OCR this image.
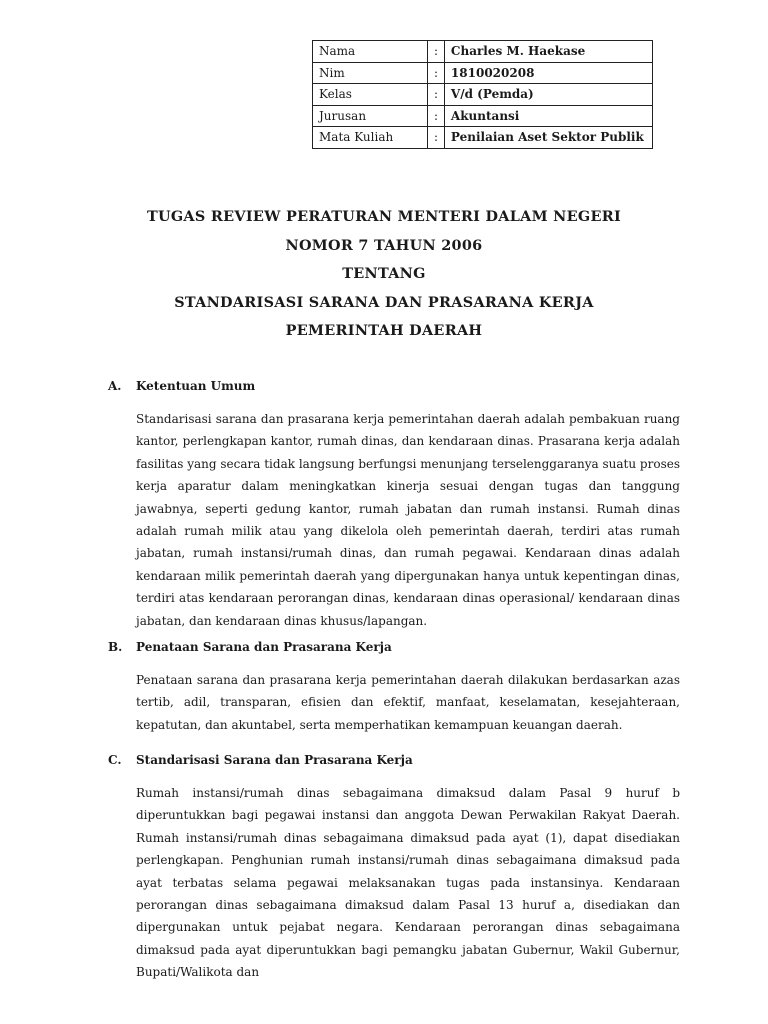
Nama	:	Charles M. Haekase
Nim	:	1810020208
Kelas	:	V/d (Pemda)
Jurusan	:	Akuntansi
Mata Kuliah	:	Penilaian Aset Sektor Publik
TUGAS REVIEW PERATURAN MENTERI DALAM NEGERI
NOMOR 7 TAHUN 2006
TENTANG
STANDARISASI SARANA DAN PRASARANA KERJA
PEMERINTAH DAERAH
A. Ketentuan Umum
Standarisasi sarana dan prasarana kerja pemerintahan daerah adalah pembakuan ruang kantor, perlengkapan kantor, rumah dinas, dan kendaraan dinas. Prasarana kerja adalah fasilitas yang secara tidak langsung berfungsi menunjang terselenggaranya suatu proses kerja aparatur dalam meningkatkan kinerja sesuai dengan tugas dan tanggung jawabnya, seperti gedung kantor, rumah jabatan dan rumah instansi. Rumah dinas adalah rumah milik atau yang dikelola oleh pemerintah daerah, terdiri atas rumah jabatan, rumah instansi/rumah dinas, dan rumah pegawai. Kendaraan dinas adalah kendaraan milik pemerintah daerah yang dipergunakan hanya untuk kepentingan dinas, terdiri atas kendaraan perorangan dinas, kendaraan dinas operasional/ kendaraan dinas jabatan, dan kendaraan dinas khusus/lapangan.
B. Penataan Sarana dan Prasarana Kerja
Penataan sarana dan prasarana kerja pemerintahan daerah dilakukan berdasarkan azas tertib, adil, transparan, efisien dan efektif, manfaat, keselamatan, kesejahteraan, kepatutan, dan akuntabel, serta memperhatikan kemampuan keuangan daerah.
C. Standarisasi Sarana dan Prasarana Kerja
Rumah instansi/rumah dinas sebagaimana dimaksud dalam Pasal 9 huruf b diperuntukkan bagi pegawai instansi dan anggota Dewan Perwakilan Rakyat Daerah. Rumah instansi/rumah dinas sebagaimana dimaksud pada ayat (1), dapat disediakan perlengkapan. Penghunian rumah instansi/rumah dinas sebagaimana dimaksud pada ayat terbatas selama pegawai melaksanakan tugas pada instansinya. Kendaraan perorangan dinas sebagaimana dimaksud dalam Pasal 13 huruf a, disediakan dan dipergunakan untuk pejabat negara. Kendaraan perorangan dinas sebagaimana dimaksud pada ayat diperuntukkan bagi pemangku jabatan Gubernur, Wakil Gubernur, Bupati/Walikota dan
